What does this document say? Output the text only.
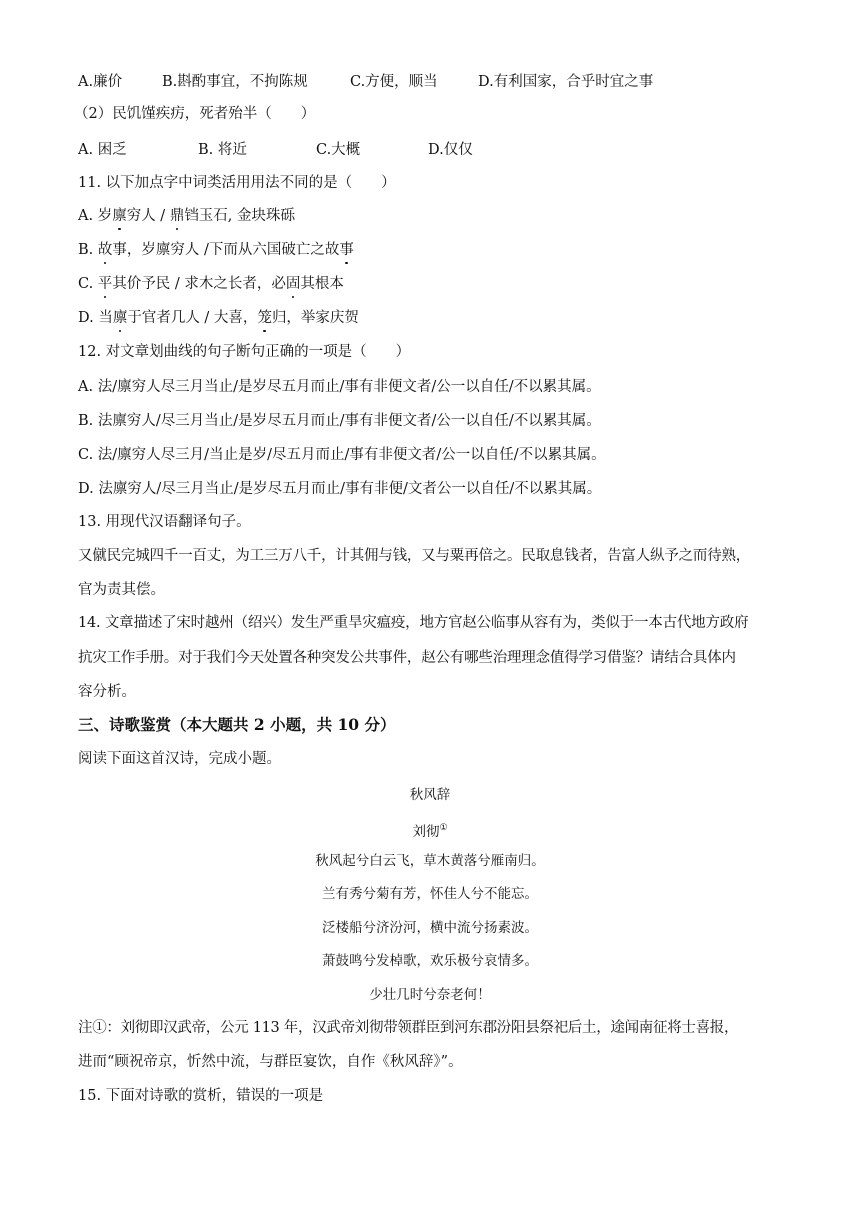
A.廉价	B.斟酌事宜，不拘陈规	C.方便，顺当	D.有利国家，合乎时宜之事
（2）民饥馑疾疠，死者殆半（　　）
A. 困乏	B. 将近	C.大概	D.仅仅
11. 以下加点字中词类活用用法不同的是（　　）
A. 岁廪穷人 / 鼎铛玉石, 金块珠砾
B. 故事，岁廪穷人 /下而从六国破亡之故事
C. 平其价予民 / 求木之长者，必固其根本
D. 当廪于官者几人 / 大喜，笼归，举家庆贺
12. 对文章划曲线的句子断句正确的一项是（　　）
A. 法/廪穷人尽三月当止/是岁尽五月而止/事有非便文者/公一以自任/不以累其属。
B. 法廪穷人/尽三月当止/是岁尽五月而止/事有非便文者/公一以自任/不以累其属。
C. 法/廪穷人尽三月/当止是岁/尽五月而止/事有非便文者/公一以自任/不以累其属。
D. 法廪穷人/尽三月当止/是岁尽五月而止/事有非便/文者公一以自任/不以累其属。
13. 用现代汉语翻译句子。
又僦民完城四千一百丈，为工三万八千，计其佣与钱，又与粟再倍之。民取息钱者，告富人纵予之而待熟，
官为责其偿。
14. 文章描述了宋时越州（绍兴）发生严重旱灾瘟疫，地方官赵公临事从容有为，类似于一本古代地方政府
抗灾工作手册。对于我们今天处置各种突发公共事件，赵公有哪些治理理念值得学习借鉴？请结合具体内
容分析。
三、诗歌鉴赏（本大题共 2 小题，共 10 分）
阅读下面这首汉诗，完成小题。
秋风辞
刘彻①
秋风起兮白云飞，草木黄落兮雁南归。
兰有秀兮菊有芳，怀佳人兮不能忘。
泛楼船兮济汾河，横中流兮扬素波。
萧鼓鸣兮发棹歌，欢乐极兮哀情多。
少壮几时兮奈老何！
注①：刘彻即汉武帝，公元 113 年，汉武帝刘彻带领群臣到河东郡汾阳县祭祀后土，途闻南征将士喜报，
进而“顾祝帝京，忻然中流，与群臣宴饮，自作《秋风辞》”。
15. 下面对诗歌的赏析，错误的一项是
